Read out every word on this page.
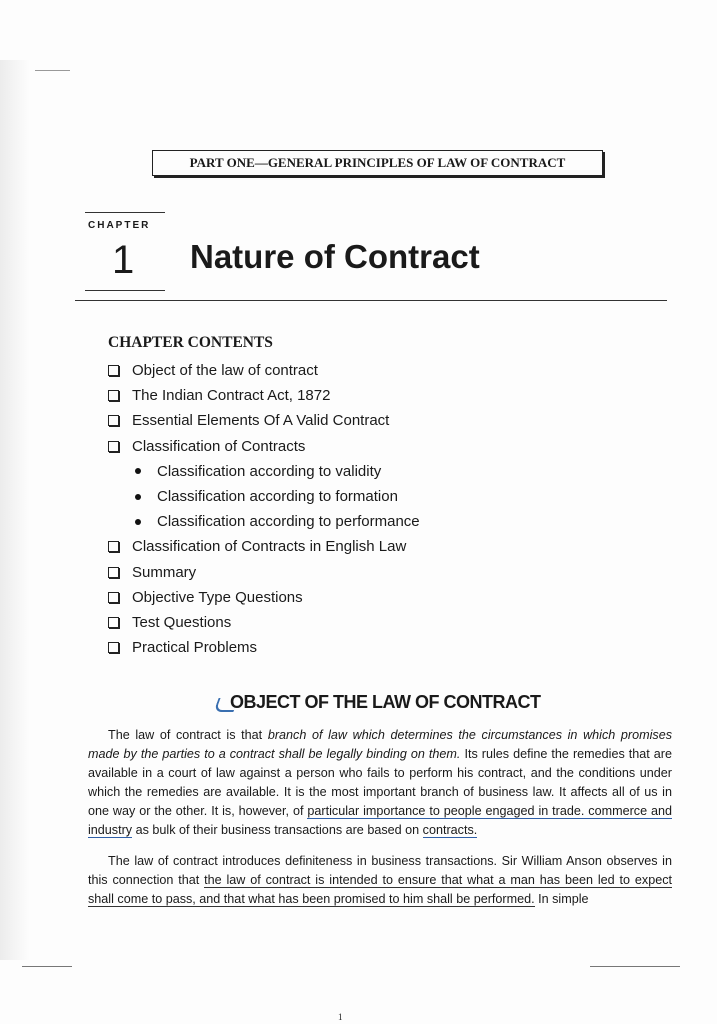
PART ONE—GENERAL PRINCIPLES OF LAW OF CONTRACT
CHAPTER
1 Nature of Contract
CHAPTER CONTENTS
Object of the law of contract
The Indian Contract Act, 1872
Essential Elements Of A Valid Contract
Classification of Contracts
Classification according to validity
Classification according to formation
Classification according to performance
Classification of Contracts in English Law
Summary
Objective Type Questions
Test Questions
Practical Problems
OBJECT OF THE LAW OF CONTRACT

The law of contract is that branch of law which determines the circumstances in which promises made by the parties to a contract shall be legally binding on them. Its rules define the remedies that are available in a court of law against a person who fails to perform his contract, and the conditions under which the remedies are available. It is the most important branch of business law. It affects all of us in one way or the other. It is, however, of particular importance to people engaged in trade. commerce and industry as bulk of their business transactions are based on contracts.

The law of contract introduces definiteness in business transactions. Sir William Anson observes in this connection that the law of contract is intended to ensure that what a man has been led to expect shall come to pass, and that what has been promised to him shall be performed. In simple

1
